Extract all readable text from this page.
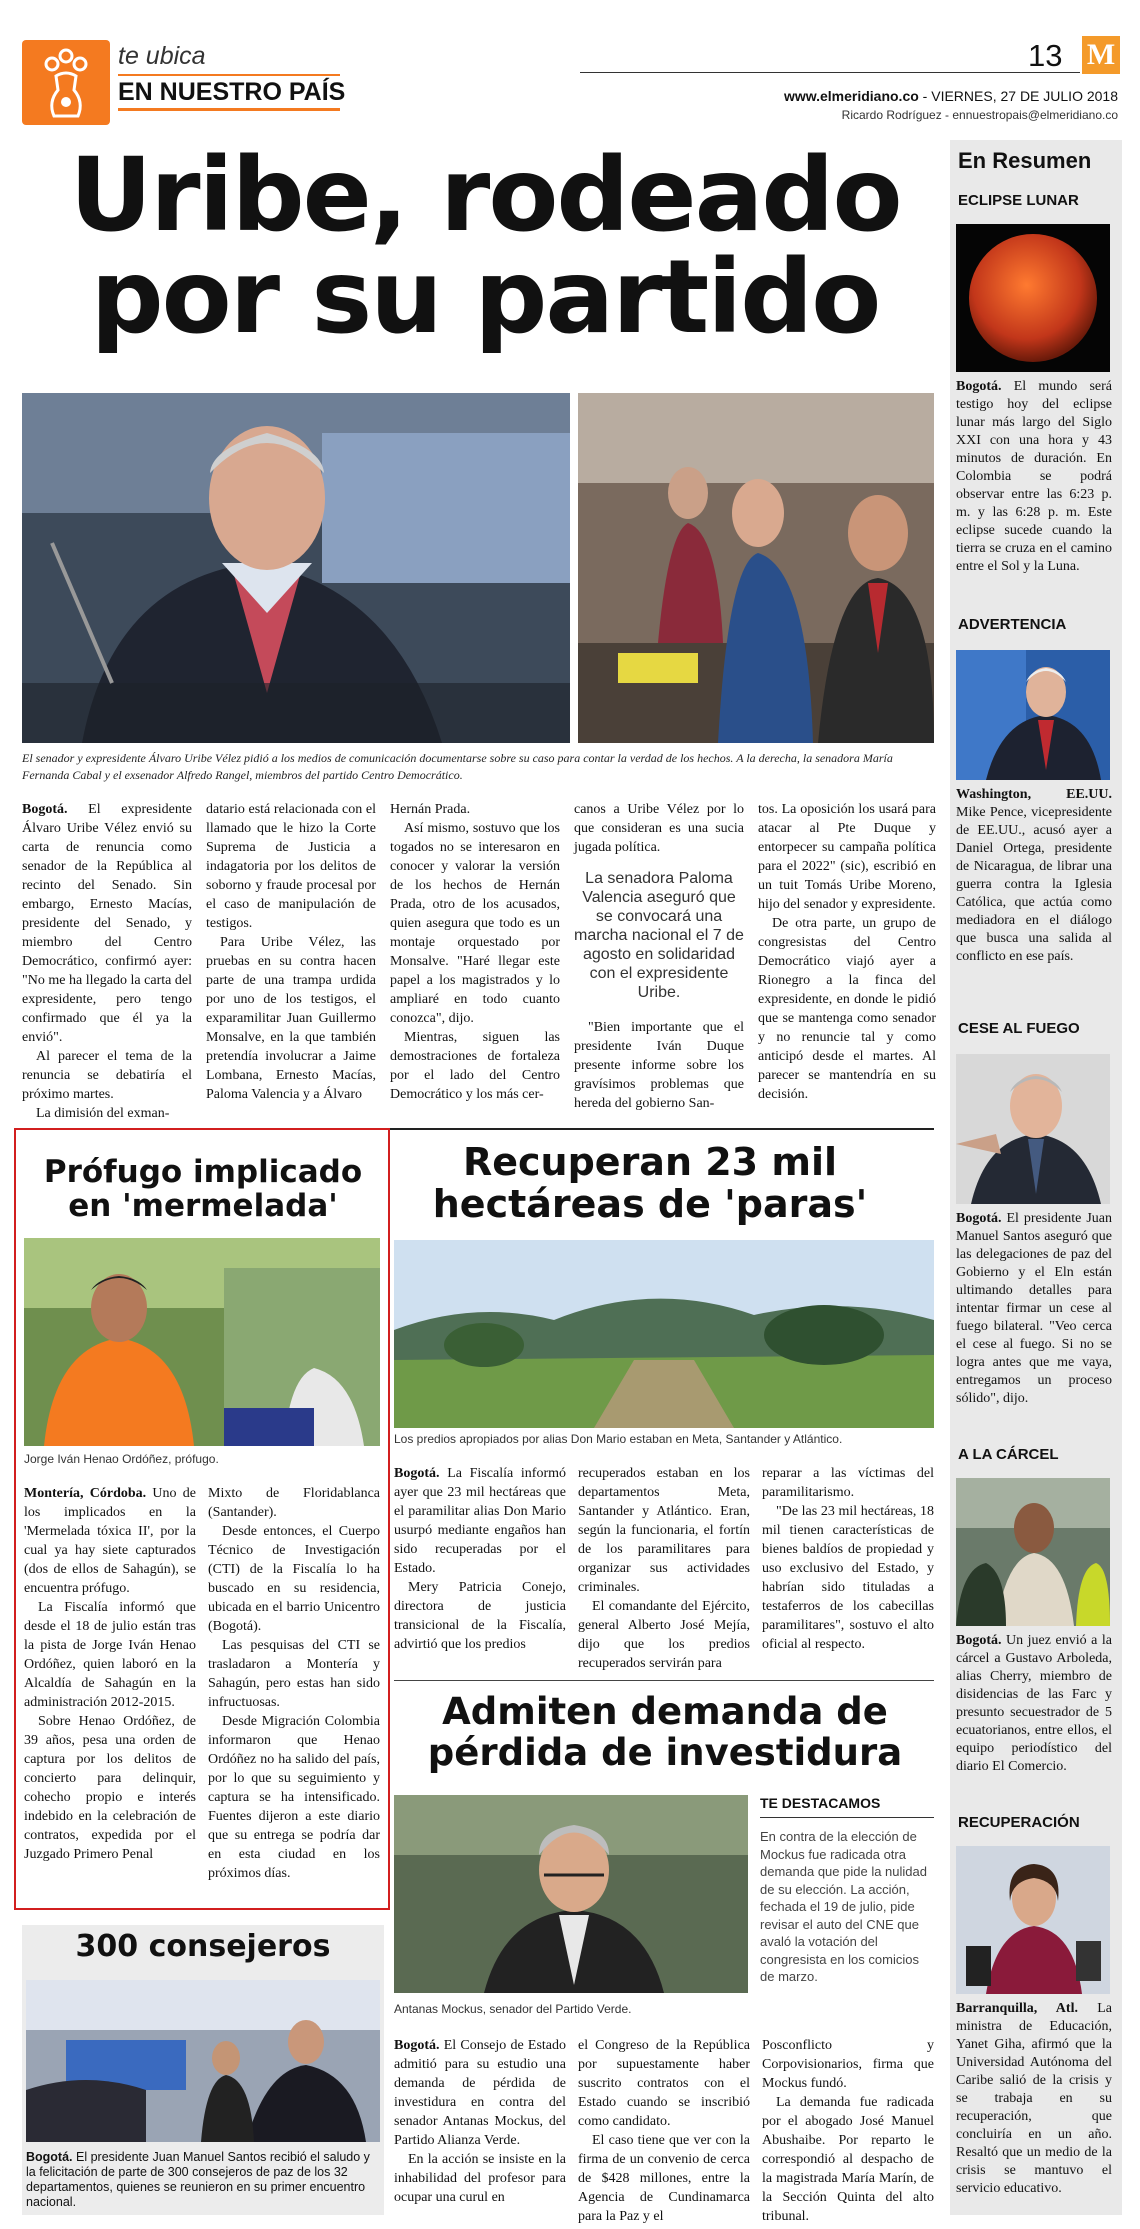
te ubica
EN NUESTRO PAÍS
13 M
www.elmeridiano.co - VIERNES, 27 DE JULIO 2018
Ricardo Rodríguez - ennuestropais@elmeridiano.co
Uribe, rodeado
por su partido
El senador y expresidente Álvaro Uribe Vélez pidió a los medios de comunicación documentarse sobre su caso para contar la verdad de los hechos. A la derecha, la senadora María Fernanda Cabal y el exsenador Alfredo Rangel, miembros del partido Centro Democrático.

Bogotá. El expresidente Álvaro Uribe Vélez envió su carta de renuncia como senador de la República al recinto del Senado. Sin embargo, Ernesto Macías, presidente del Senado, y miembro del Centro Democrático, confirmó ayer: "No me ha llegado la carta del expresidente, pero tengo confirmado que él ya la envió".

Al parecer el tema de la renuncia se debatiría el próximo martes.

La dimisión del exman-

datario está relacionada con el llamado que le hizo la Corte Suprema de Justicia a indagatoria por los delitos de soborno y fraude procesal por el caso de manipulación de testigos.

Para Uribe Vélez, las pruebas en su contra hacen parte de una trampa urdida por uno de los testigos, el exparamilitar Juan Guillermo Monsalve, en la que también pretendía involucrar a Jaime Lombana, Ernesto Macías, Paloma Valencia y a Álvaro

Hernán Prada.

Así mismo, sostuvo que los togados no se interesaron en conocer y valorar la versión de los hechos de Hernán Prada, otro de los acusados, quien asegura que todo es un montaje orquestado por Monsalve. "Haré llegar este papel a los magistrados y lo ampliaré en todo cuanto conozca", dijo.

Mientras, siguen las demostraciones de fortaleza por el lado del Centro Democrático y los más cer-

canos a Uribe Vélez por lo que consideran es una sucia jugada política.

La senadora Paloma Valencia aseguró que se convocará una marcha nacional el 7 de agosto en solidaridad con el expresidente Uribe.

"Bien importante que el presidente Iván Duque presente informe sobre los gravísimos problemas que hereda del gobierno San-

tos. La oposición los usará para atacar al Pte Duque y entorpecer su campaña política para el 2022" (sic), escribió en un tuit Tomás Uribe Moreno, hijo del senador y expresidente.

De otra parte, un grupo de congresistas del Centro Democrático viajó ayer a Rionegro a la finca del expresidente, en donde le pidió que se mantenga como senador y no renuncie tal y como anticipó desde el martes. Al parecer se mantendría en su decisión.

Prófugo implicado en 'mermelada'
Jorge Iván Henao Ordóñez, prófugo.

Montería, Córdoba. Uno de los implicados en la 'Mermelada tóxica II', por la cual ya hay siete capturados (dos de ellos de Sahagún), se encuentra prófugo.

La Fiscalía informó que desde el 18 de julio están tras la pista de Jorge Iván Henao Ordóñez, quien laboró en la Alcaldía de Sahagún en la administración 2012-2015.

Sobre Henao Ordóñez, de 39 años, pesa una orden de captura por los delitos de concierto para delinquir, cohecho propio e interés indebido en la celebración de contratos, expedida por el Juzgado Primero Penal

Mixto de Floridablanca (Santander).

Desde entonces, el Cuerpo Técnico de Investigación (CTI) de la Fiscalía lo ha buscado en su residencia, ubicada en el barrio Unicentro (Bogotá).

Las pesquisas del CTI se trasladaron a Montería y Sahagún, pero estas han sido infructuosas.

Desde Migración Colombia informaron que Henao Ordóñez no ha salido del país, por lo que su seguimiento y captura se ha intensificado. Fuentes dijeron a este diario que su entrega se podría dar en esta ciudad en los próximos días.

Recuperan 23 mil hectáreas de 'paras'
Los predios apropiados por alias Don Mario estaban en Meta, Santander y Atlántico.

Bogotá. La Fiscalía informó ayer que 23 mil hectáreas que el paramilitar alias Don Mario usurpó mediante engaños han sido recuperadas por el Estado.

Mery Patricia Conejo, directora de justicia transicional de la Fiscalía, advirtió que los predios

recuperados estaban en los departamentos Meta, Santander y Atlántico. Eran, según la funcionaria, el fortín de los paramilitares para organizar sus actividades criminales.

El comandante del Ejército, general Alberto José Mejía, dijo que los predios recuperados servirán para

reparar a las víctimas del paramilitarismo.

"De las 23 mil hectáreas, 18 mil tienen características de bienes baldíos de propiedad y uso exclusivo del Estado, y habrían sido tituladas a testaferros de los cabecillas paramilitares", sostuvo el alto oficial al respecto.

Admiten demanda de pérdida de investidura
Antanas Mockus, senador del Partido Verde.
TE DESTACAMOS
En contra de la elección de Mockus fue radicada otra demanda que pide la nulidad de su elección. La acción, fechada el 19 de julio, pide revisar el auto del CNE que avaló la votación del congresista en los comicios de marzo.

Bogotá. El Consejo de Estado admitió para su estudio una demanda de pérdida de investidura en contra del senador Antanas Mockus, del Partido Alianza Verde.

En la acción se insiste en la inhabilidad del profesor para ocupar una curul en

el Congreso de la República por supuestamente haber suscrito contratos con el Estado cuando se inscribió como candidato.

El caso tiene que ver con la firma de un convenio de cerca de $428 millones, entre la Agencia de Cundinamarca para la Paz y el

Posconflicto y Corpovisionarios, firma que Mockus fundó.

La demanda fue radicada por el abogado José Manuel Abushaibe. Por reparto le correspondió al despacho de la magistrada María Marín, de la Sección Quinta del alto tribunal.

300 consejeros
Bogotá. El presidente Juan Manuel Santos recibió el saludo y la felicitación de parte de 300 consejeros de paz de los 32 departamentos, quienes se reunieron en su primer encuentro nacional.
En Resumen
ECLIPSE LUNAR
Bogotá. El mundo será testigo hoy del eclipse lunar más largo del Siglo XXI con una hora y 43 minutos de duración. En Colombia se podrá observar entre las 6:23 p. m. y las 6:28 p. m. Este eclipse sucede cuando la tierra se cruza en el camino entre el Sol y la Luna.
ADVERTENCIA
Washington, EE.UU. Mike Pence, vicepresidente de EE.UU., acusó ayer a Daniel Ortega, presidente de Nicaragua, de librar una guerra contra la Iglesia Católica, que actúa como mediadora en el diálogo que busca una salida al conflicto en ese país.
CESE AL FUEGO
Bogotá. El presidente Juan Manuel Santos aseguró que las delegaciones de paz del Gobierno y el Eln están ultimando detalles para intentar firmar un cese al fuego bilateral. "Veo cerca el cese al fuego. Si no se logra antes que me vaya, entregamos un proceso sólido", dijo.
A LA CÁRCEL
Bogotá. Un juez envió a la cárcel a Gustavo Arboleda, alias Cherry, miembro de disidencias de las Farc y presunto secuestrador de 5 ecuatorianos, entre ellos, el equipo periodístico del diario El Comercio.
RECUPERACIÓN
Barranquilla, Atl. La ministra de Educación, Yanet Giha, afirmó que la Universidad Autónoma del Caribe salió de la crisis y se trabaja en su recuperación, que concluiría en un año. Resaltó que un medio de la crisis se mantuvo el servicio educativo.
